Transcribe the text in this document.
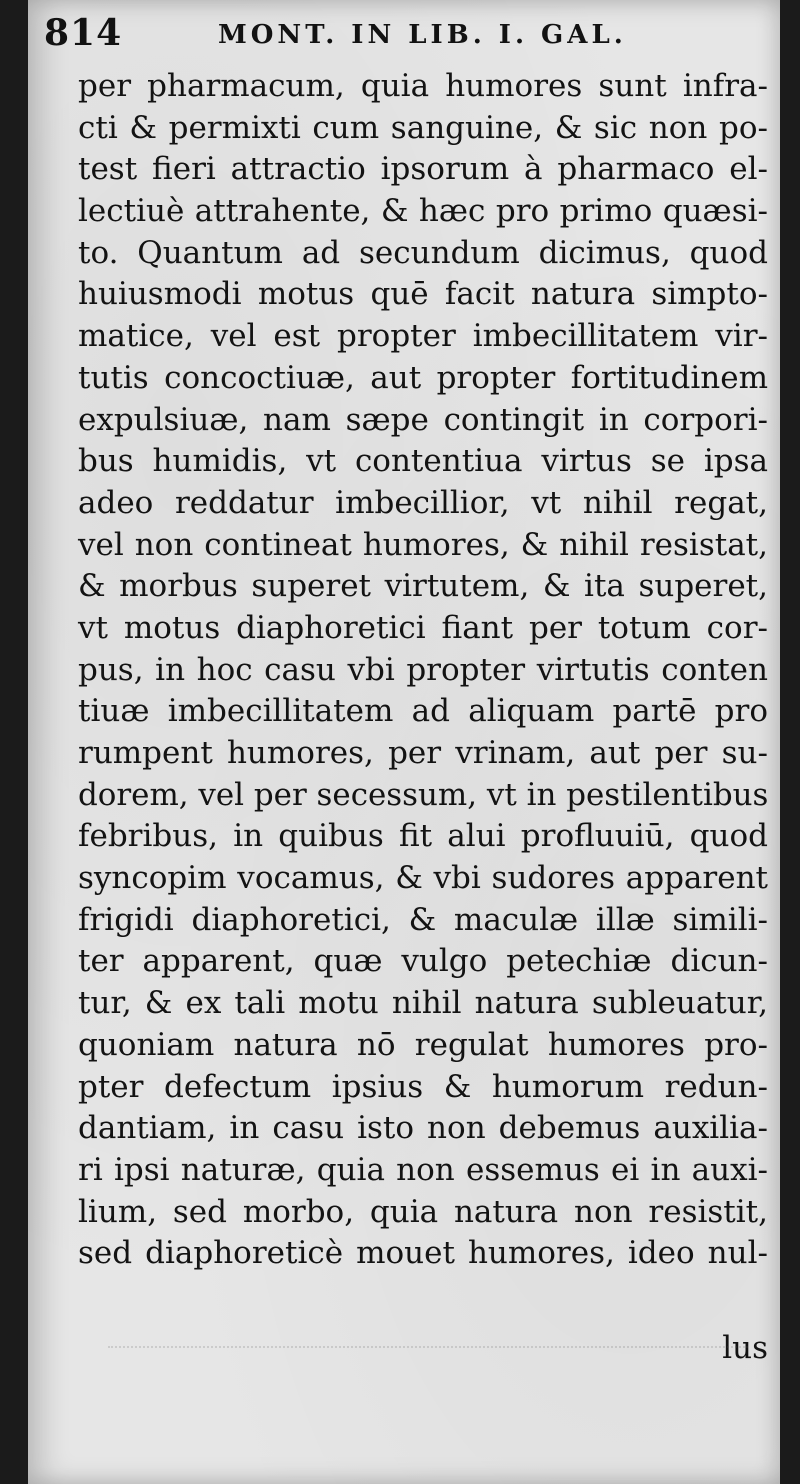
814	MONT. IN LIB. I. GAL.
per pharmacum, quia humores sunt infra-
cti & permixti cum sanguine, & sic non po-
test fieri attractio ipsorum à pharmaco el-
lectiuè attrahente, & hæc pro primo quæsi-
to. Quantum ad secundum dicimus, quod
huiusmodi motus quē facit natura simpto-
matice, vel est propter imbecillitatem vir-
tutis concoctiuæ, aut propter fortitudinem
expulsiuæ, nam sæpe contingit in corpori-
bus humidis, vt contentiua virtus se ipsa
adeo reddatur imbecillior, vt nihil regat,
vel non contineat humores, & nihil resistat,
& morbus superet virtutem, & ita superet,
vt motus diaphoretici fiant per totum cor-
pus, in hoc casu vbi propter virtutis conten
tiuæ imbecillitatem ad aliquam partē pro
rumpent humores, per vrinam, aut per su-
dorem, vel per secessum, vt in pestilentibus
febribus, in quibus fit alui profluuiū, quod
syncopim vocamus, & vbi sudores apparent
frigidi diaphoretici, & maculæ illæ simili-
ter apparent, quæ vulgo petechiæ dicun-
tur, & ex tali motu nihil natura subleuatur,
quoniam natura nō regulat humores pro-
pter defectum ipsius & humorum redun-
dantiam, in casu isto non debemus auxilia-
ri ipsi naturæ, quia non essemus ei in auxi-
lium, sed morbo, quia natura non resistit,
sed diaphoreticè mouet humores, ideo nul-
lus
